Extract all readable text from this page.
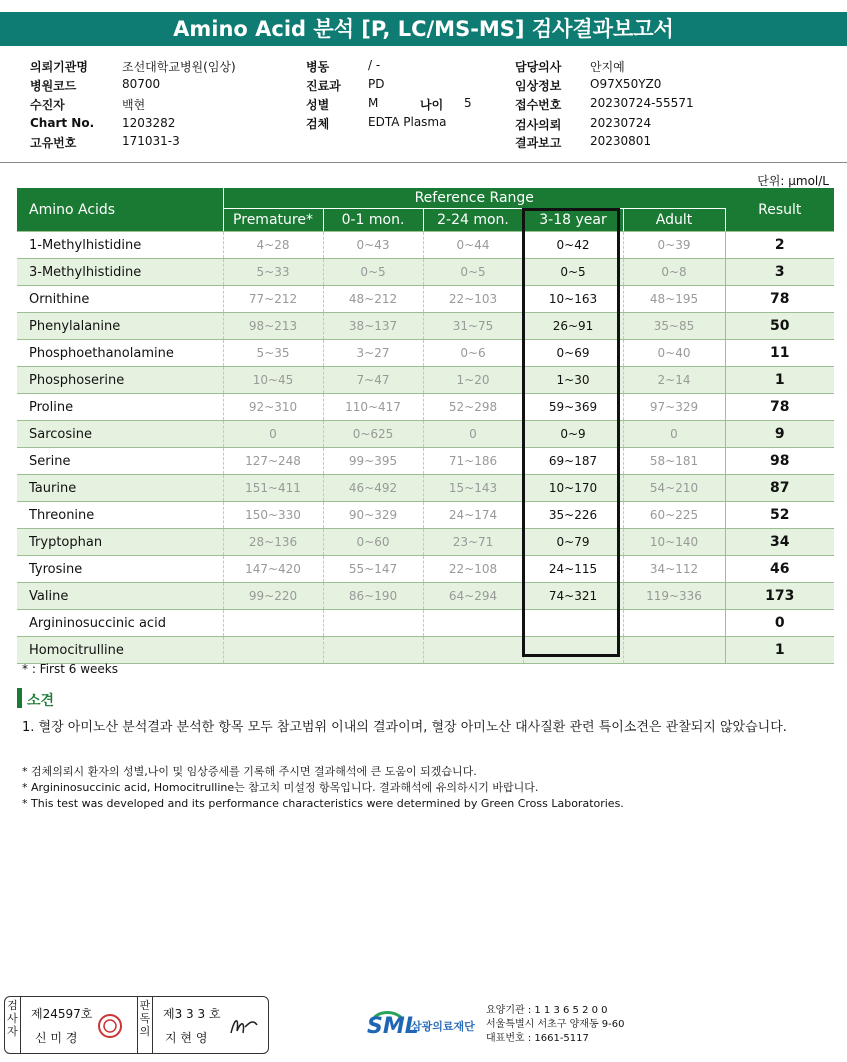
Amino Acid 분석 [P, LC/MS-MS] 검사결과보고서
의뢰기관명	조선대학교병원(임상)
병원코드	80700
수진자	백현
Chart No. 1203282
고유번호	171031-3
병동	/ -
진료과 PD
성별	M	나이 5
검체	EDTA Plasma
담당의사 안지예
임상정보 O97X50YZ0
접수번호 20230724-55571
검사의뢰 20230724
결과보고 20230801
단위: μmol/L
Amino Acids	Reference Range					Result
	Premature*	0-1 mon.	2-24 mon.	3-18 year	Adult	
1-Methylhistidine	4~28	0~43	0~44	0~42	0~39	2
3-Methylhistidine	5~33	0~5	0~5	0~5	0~8	3
Ornithine	77~212	48~212	22~103	10~163	48~195	78
Phenylalanine	98~213	38~137	31~75	26~91	35~85	50
Phosphoethanolamine	5~35	3~27	0~6	0~69	0~40	11
Phosphoserine	10~45	7~47	1~20	1~30	2~14	1
Proline	92~310	110~417	52~298	59~369	97~329	78
Sarcosine	0	0~625	0	0~9	0	9
Serine	127~248	99~395	71~186	69~187	58~181	98
Taurine	151~411	46~492	15~143	10~170	54~210	87
Threonine	150~330	90~329	24~174	35~226	60~225	52
Tryptophan	28~136	0~60	23~71	0~79	10~140	34
Tyrosine	147~420	55~147	22~108	24~115	34~112	46
Valine	99~220	86~190	64~294	74~321	119~336	173
Argininosuccinic acid						0
Homocitrulline						1
* : First 6 weeks
소견
1. 혈장 아미노산 분석결과 분석한 항목 모두 참고범위 이내의 결과이며, 혈장 아미노산 대사질환 관련 특이소견은 관찰되지 않았습니다.
* 검체의뢰시 환자의 성별,나이 및 임상증세를 기록해 주시면 결과해석에 큰 도움이 되겠습니다.
* Argininosuccinic acid, Homocitrulline는 참고치 미설정 항목입니다. 결과해석에 유의하시기 바랍니다.
* This test was developed and its performance characteristics were determined by Green Cross Laboratories.
검사자
제24597호
신 미 경
판독의
제3 3 3 호
지 현 영	SML
삼광의료재단
요양기관 : 1 1 3 6 5 2 0 0
서울특별시 서초구 양재동 9-60
대표번호 : 1661-5117
